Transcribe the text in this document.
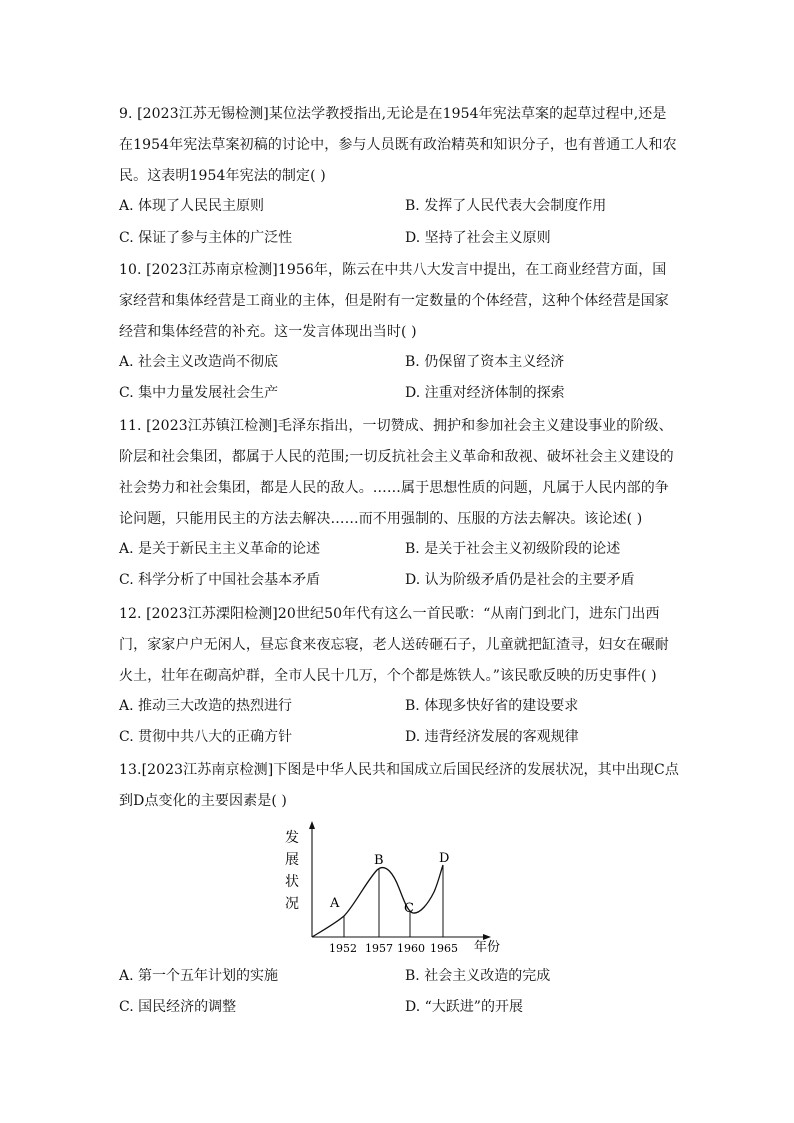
9. [2023江苏无锡检测]某位法学教授指出,无论是在1954年宪法草案的起草过程中,还是在1954年宪法草案初稿的讨论中，参与人员既有政治精英和知识分子，也有普通工人和农民。这表明1954年宪法的制定( )
A. 体现了人民民主原则	B. 发挥了人民代表大会制度作用
C. 保证了参与主体的广泛性	D. 坚持了社会主义原则
10. [2023江苏南京检测]1956年，陈云在中共八大发言中提出，在工商业经营方面，国家经营和集体经营是工商业的主体，但是附有一定数量的个体经营，这种个体经营是国家经营和集体经营的补充。这一发言体现出当时( )
A. 社会主义改造尚不彻底	B. 仍保留了资本主义经济
C. 集中力量发展社会生产	D. 注重对经济体制的探索
11. [2023江苏镇江检测]毛泽东指出，一切赞成、拥护和参加社会主义建设事业的阶级、阶层和社会集团，都属于人民的范围;一切反抗社会主义革命和敌视、破坏社会主义建设的社会势力和社会集团，都是人民的敌人。……属于思想性质的问题，凡属于人民内部的争论问题，只能用民主的方法去解决……而不用强制的、压服的方法去解决。该论述( )
A. 是关于新民主主义革命的论述	B. 是关于社会主义初级阶段的论述
C. 科学分析了中国社会基本矛盾	D. 认为阶级矛盾仍是社会的主要矛盾
12. [2023江苏溧阳检测]20世纪50年代有这么一首民歌：“从南门到北门，进东门出西门，家家户户无闲人，昼忘食来夜忘寝，老人送砖砸石子，儿童就把缸渣寻，妇女在碾耐火土，壮年在砌高炉群，全市人民十几万，个个都是炼铁人。”该民歌反映的历史事件( )
A. 推动三大改造的热烈进行	B. 体现多快好省的建设要求
C. 贯彻中共八大的正确方针	D. 违背经济发展的客观规律
13.[2023江苏南京检测]下图是中华人民共和国成立后国民经济的发展状况，其中出现C点到D点变化的主要因素是( )
发
展
状
况 A
B
C
D
1952 1957 1960 1965 年份
A. 第一个五年计划的实施	B. 社会主义改造的完成
C. 国民经济的调整	D. “大跃进”的开展
